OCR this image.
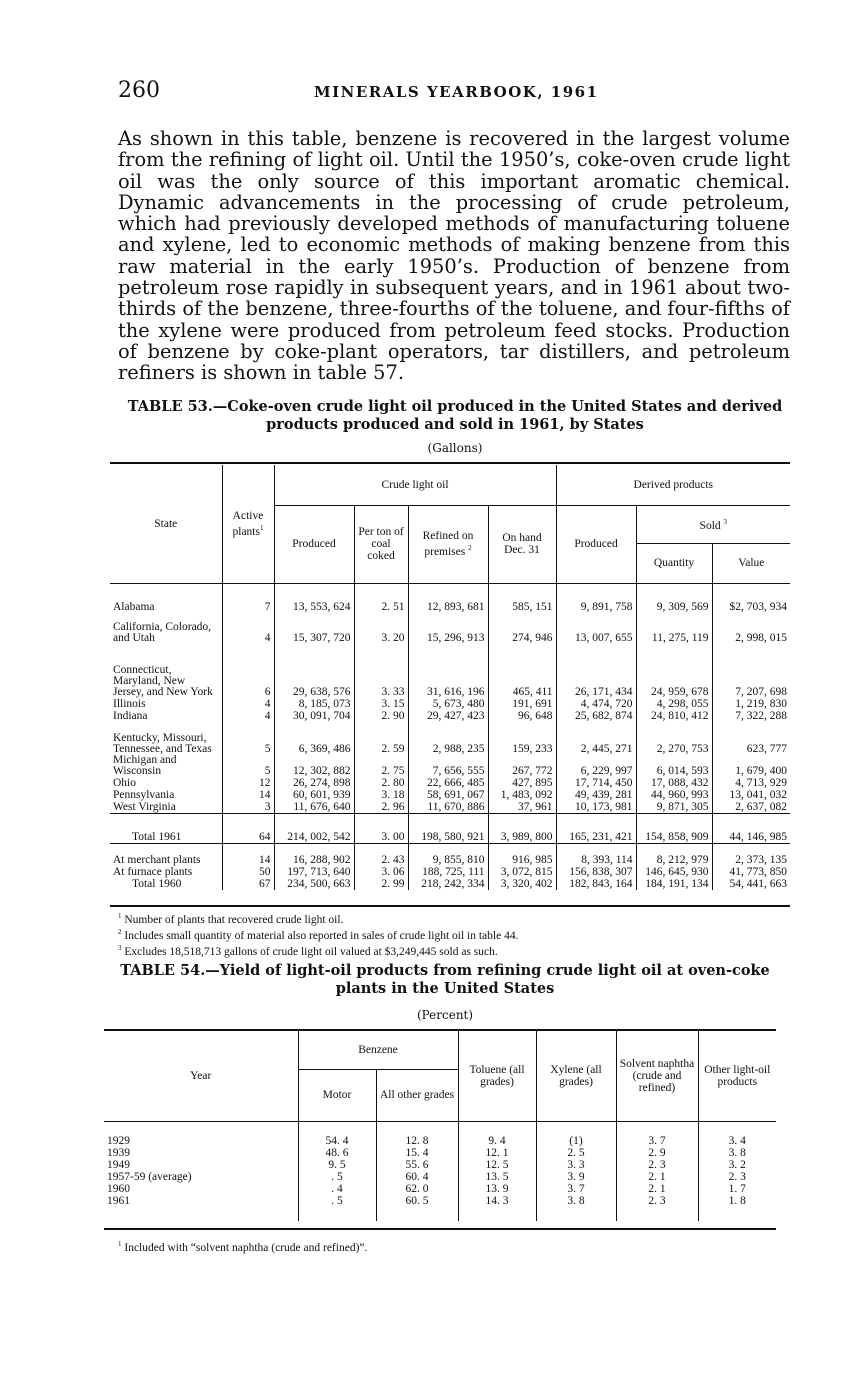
260	MINERALS YEARBOOK, 1961

As shown in this table, benzene is recovered in the largest volume from the refining of light oil. Until the 1950’s, coke-oven crude light oil was the only source of this important aromatic chemical. Dynamic advancements in the processing of crude petroleum, which had previously developed methods of manufacturing toluene and xylene, led to economic methods of making benzene from this raw material in the early 1950’s. Production of benzene from petroleum rose rapidly in subsequent years, and in 1961 about two-thirds of the benzene, three-fourths of the toluene, and four-fifths of the xylene were produced from petroleum feed stocks. Production of benzene by coke-plant operators, tar distillers, and petroleum refiners is shown in table 57.

TABLE 53.—Coke-oven crude light oil produced in the United States and derived
products produced and sold in 1961, by States
(Gallons)
State	Active plants$^1$	Crude light oil				Derived products		
		Produced	Per ton of coal coked	Refined on premises $^2$	On hand Dec. 31	Produced	Sold $^3$
							Quantity	Value
Alabama	7	13, 553, 624	2. 51	12, 893, 681	585, 151	9, 891, 758	9, 309, 569	$2, 703, 934
California, Colorado, and Utah	4	15, 307, 720	3. 20	15, 296, 913	274, 946	13, 007, 655	11, 275, 119	2, 998, 015
Connecticut, Maryland, New Jersey, and New York	6	29, 638, 576	3. 33	31, 616, 196	465, 411	26, 171, 434	24, 959, 678	7, 207, 698
Illinois	4	8, 185, 073	3. 15	5, 673, 480	191, 691	4, 474, 720	4, 298, 055	1, 219, 830
Indiana	4	30, 091, 704	2. 90	29, 427, 423	96, 648	25, 682, 874	24, 810, 412	7, 322, 288
Kentucky, Missouri, Tennessee, and Texas	5	6, 369, 486	2. 59	2, 988, 235	159, 233	2, 445, 271	2, 270, 753	623, 777
Michigan and Wisconsin	5	12, 302, 882	2. 75	7, 656, 555	267, 772	6, 229, 997	6, 014, 593	1, 679, 400
Ohio	12	26, 274, 898	2. 80	22, 666, 485	427, 895	17, 714, 450	17, 088, 432	4, 713, 929
Pennsylvania	14	60, 601, 939	3. 18	58, 691, 067	1, 483, 092	49, 439, 281	44, 960, 993	13, 041, 032
West Virginia	3	11, 676, 640	2. 96	11, 670, 886	37, 961	10, 173, 981	9, 871, 305	2, 637, 082
Total 1961	64	214, 002, 542	3. 00	198, 580, 921	3, 989, 800	165, 231, 421	154, 858, 909	44, 146, 985
At merchant plants	14	16, 288, 902	2. 43	9, 855, 810	916, 985	8, 393, 114	8, 212, 979	2, 373, 135
At furnace plants	50	197, 713, 640	3. 06	188, 725, 111	3, 072, 815	156, 838, 307	146, 645, 930	41, 773, 850
Total 1960	67	234, 500, 663	2. 99	218, 242, 334	3, 320, 402	182, 843, 164	184, 191, 134	54, 441, 663
$^1$ Number of plants that recovered crude light oil.
$^2$ Includes small quantity of material also reported in sales of crude light oil in table 44.
$^3$ Excludes 18,518,713 gallons of crude light oil valued at $3,249,445 sold as such.
TABLE 54.—Yield of light-oil products from refining crude light oil at oven-coke
plants in the United States
(Percent)
Year	Benzene		Toluene (all grades)	Xylene (all grades)	Solvent naphtha (crude and refined)	Other light-oil products
	Motor	All other grades				
1929	54. 4	12. 8	9. 4	(1)	3. 7	3. 4
1939	48. 6	15. 4	12. 1	2. 5	2. 9	3. 8
1949	9. 5	55. 6	12. 5	3. 3	2. 3	3. 2
1957-59 (average)	. 5	60. 4	13. 5	3. 9	2. 1	2. 3
1960	. 4	62. 0	13. 9	3. 7	2. 1	1. 7
1961	. 5	60. 5	14. 3	3. 8	2. 3	1. 8

$^1$ Included with “solvent naphtha (crude and refined)”.
